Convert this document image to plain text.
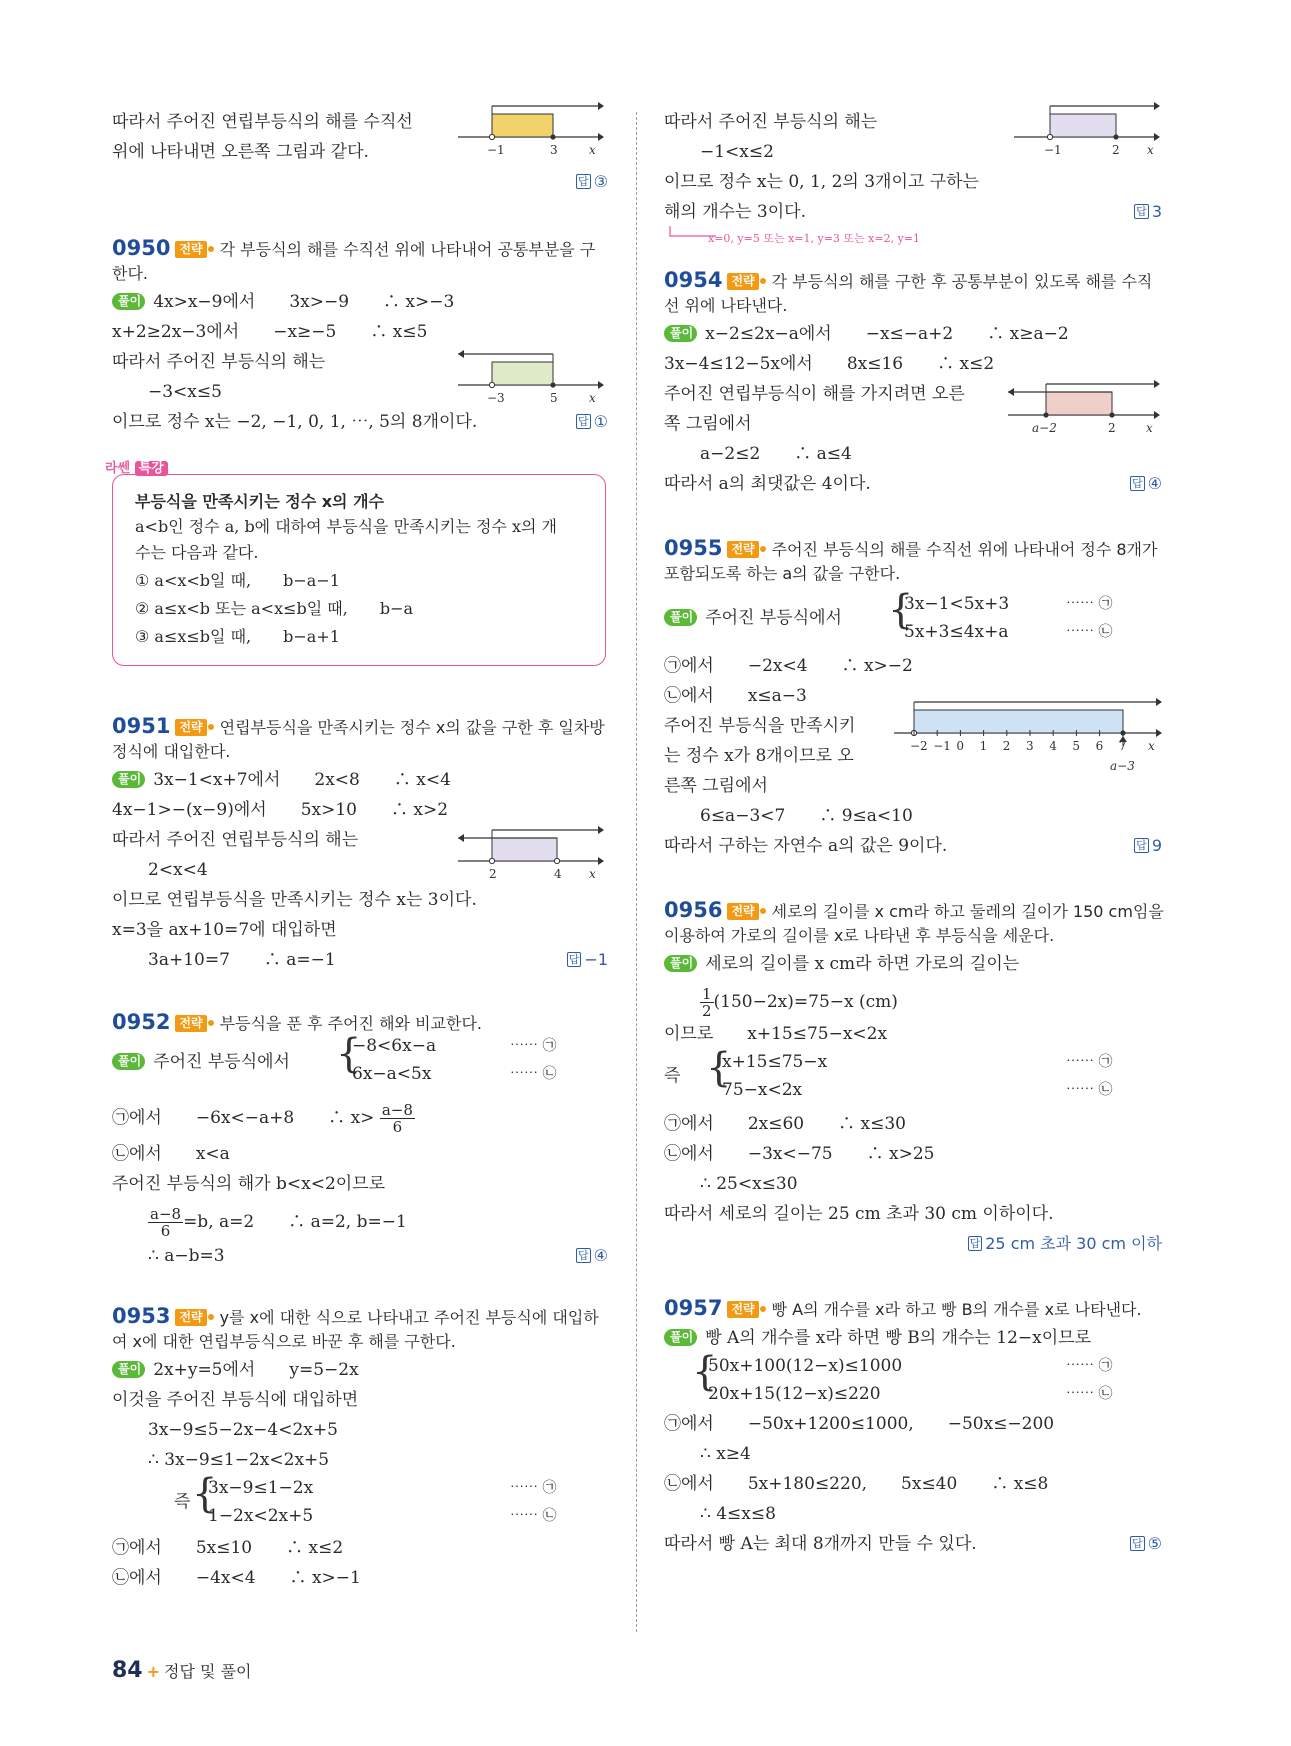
따라서 주어진 연립부등식의 해를 수직선
위에 나타내면 오른쪽 그림과 같다.	−1	3	x
답 ③
0950 전략 각 부등식의 해를 수직선 위에 나타내어 공통부분을 구
한다.
풀이 4x>x−9에서　　3x>−9　　∴ x>−3
x+2≥2x−3에서　　−x≥−5　　∴ x≤5
따라서 주어진 부등식의 해는
−3<x≤5
이므로 정수 x는 −2, −1, 0, 1, ⋯, 5의 8개이다.
−3	5	x
답 ①
라쎈 특강
부등식을 만족시키는 정수 x의 개수
a<b인 정수 a, b에 대하여 부등식을 만족시키는 정수 x의 개
수는 다음과 같다.
① a<x<b일 때,　　b−a−1
② a≤x<b 또는 a<x≤b일 때,　　b−a
③ a≤x≤b일 때,　　b−a+1
0951 전략 연립부등식을 만족시키는 정수 x의 값을 구한 후 일차방
정식에 대입한다.
풀이 3x−1<x+7에서　　2x<8　　∴ x<4
4x−1>−(x−9)에서　　5x>10　　∴ x>2
따라서 주어진 연립부등식의 해는
2<x<4
이므로 연립부등식을 만족시키는 정수 x는 3이다.
x=3을 ax+10=7에 대입하면
3a+10=7　　∴ a=−1
2	4 x
답 −1
0952 전략 부등식을 푼 후 주어진 해와 비교한다.
풀이 주어진 부등식에서 {
−8<6x−a
6x−a<5x
⋯⋯ ㉠
⋯⋯ ㉡
㉠에서　　−6x<−a+8　　∴ $x> \frac{a-8}{6}$
㉡에서　　x<a
주어진 부등식의 해가 b<x<2이므로
$\frac{a-8}{6} =b$, a=2　　∴ a=2, b=−1
∴ a−b=3	답 ④
0953 전략 y를 x에 대한 식으로 나타내고 주어진 부등식에 대입하
여 x에 대한 연립부등식으로 바꾼 후 해를 구한다.
풀이 2x+y=5에서　　y=5−2x
이것을 주어진 부등식에 대입하면
3x−9≤5−2x−4<2x+5
∴ 3x−9≤1−2x<2x+5
즉 {
3x−9≤1−2x
1−2x<2x+5
⋯⋯ ㉠
⋯⋯ ㉡
㉠에서　　5x≤10　　∴ x≤2
㉡에서　　−4x<4　　∴ x>−1
따라서 주어진 부등식의 해는
−1<x≤2
이므로 정수 x는 0, 1, 2의 3개이고 구하는
해의 개수는 3이다.
x=0, y=5 또는 x=1, y=3 또는 x=2, y=1
−1	2 x
답 3
0954 전략 각 부등식의 해를 구한 후 공통부분이 있도록 해를 수직
선 위에 나타낸다.
풀이 x−2≤2x−a에서　　−x≤−a+2　　∴ x≥a−2
3x−4≤12−5x에서　　8x≤16　　∴ x≤2
주어진 연립부등식이 해를 가지려면 오른
쪽 그림에서
a−2≤2　　∴ a≤4
따라서 a의 최댓값은 4이다.
a−2	2	x
답 ④
0955 전략 주어진 부등식의 해를 수직선 위에 나타내어 정수 8개가
포함되도록 하는 a의 값을 구한다.
풀이 주어진 부등식에서 {
3x−1<5x+3
5x+3≤4x+a
⋯⋯ ㉠
⋯⋯ ㉡
㉠에서　　−2x<4　　∴ x>−2
㉡에서　　x≤a−3
주어진 부등식을 만족시키
는 정수 x가 8개이므로 오
른쪽 그림에서
6≤a−3<7　　∴ 9≤a<10
따라서 구하는 자연수 a의 값은 9이다.
−2 −1 0 1 2 3 4 5 6 7
a−3
x
답 9
0956 전략 세로의 길이를 x cm라 하고 둘레의 길이가 150 cm임을
이용하여 가로의 길이를 x로 나타낸 후 부등식을 세운다.
풀이 세로의 길이를 x cm라 하면 가로의 길이는
$\frac{1}{2} (150-2x)=75-x$ (cm)
이므로　　x+15≤75−x<2x
즉 {
x+15≤75−x
75−x<2x
⋯⋯ ㉠
⋯⋯ ㉡
㉠에서　　2x≤60　　∴ x≤30
㉡에서　　−3x<−75　　∴ x>25
∴ 25<x≤30
따라서 세로의 길이는 25 cm 초과 30 cm 이하이다.
답 25 cm 초과 30 cm 이하
0957 전략 빵 A의 개수를 x라 하고 빵 B의 개수를 x로 나타낸다.
풀이 빵 A의 개수를 x라 하면 빵 B의 개수는 12−x이므로
{
50x+100(12−x)≤1000
20x+15(12−x)≤220
⋯⋯ ㉠
⋯⋯ ㉡
㉠에서　　−50x+1200≤1000,　　−50x≤−200
∴ x≥4
㉡에서　　5x+180≤220,　　5x≤40　　∴ x≤8
∴ 4≤x≤8
따라서 빵 A는 최대 8개까지 만들 수 있다.	답 ⑤
84 + 정답 및 풀이
